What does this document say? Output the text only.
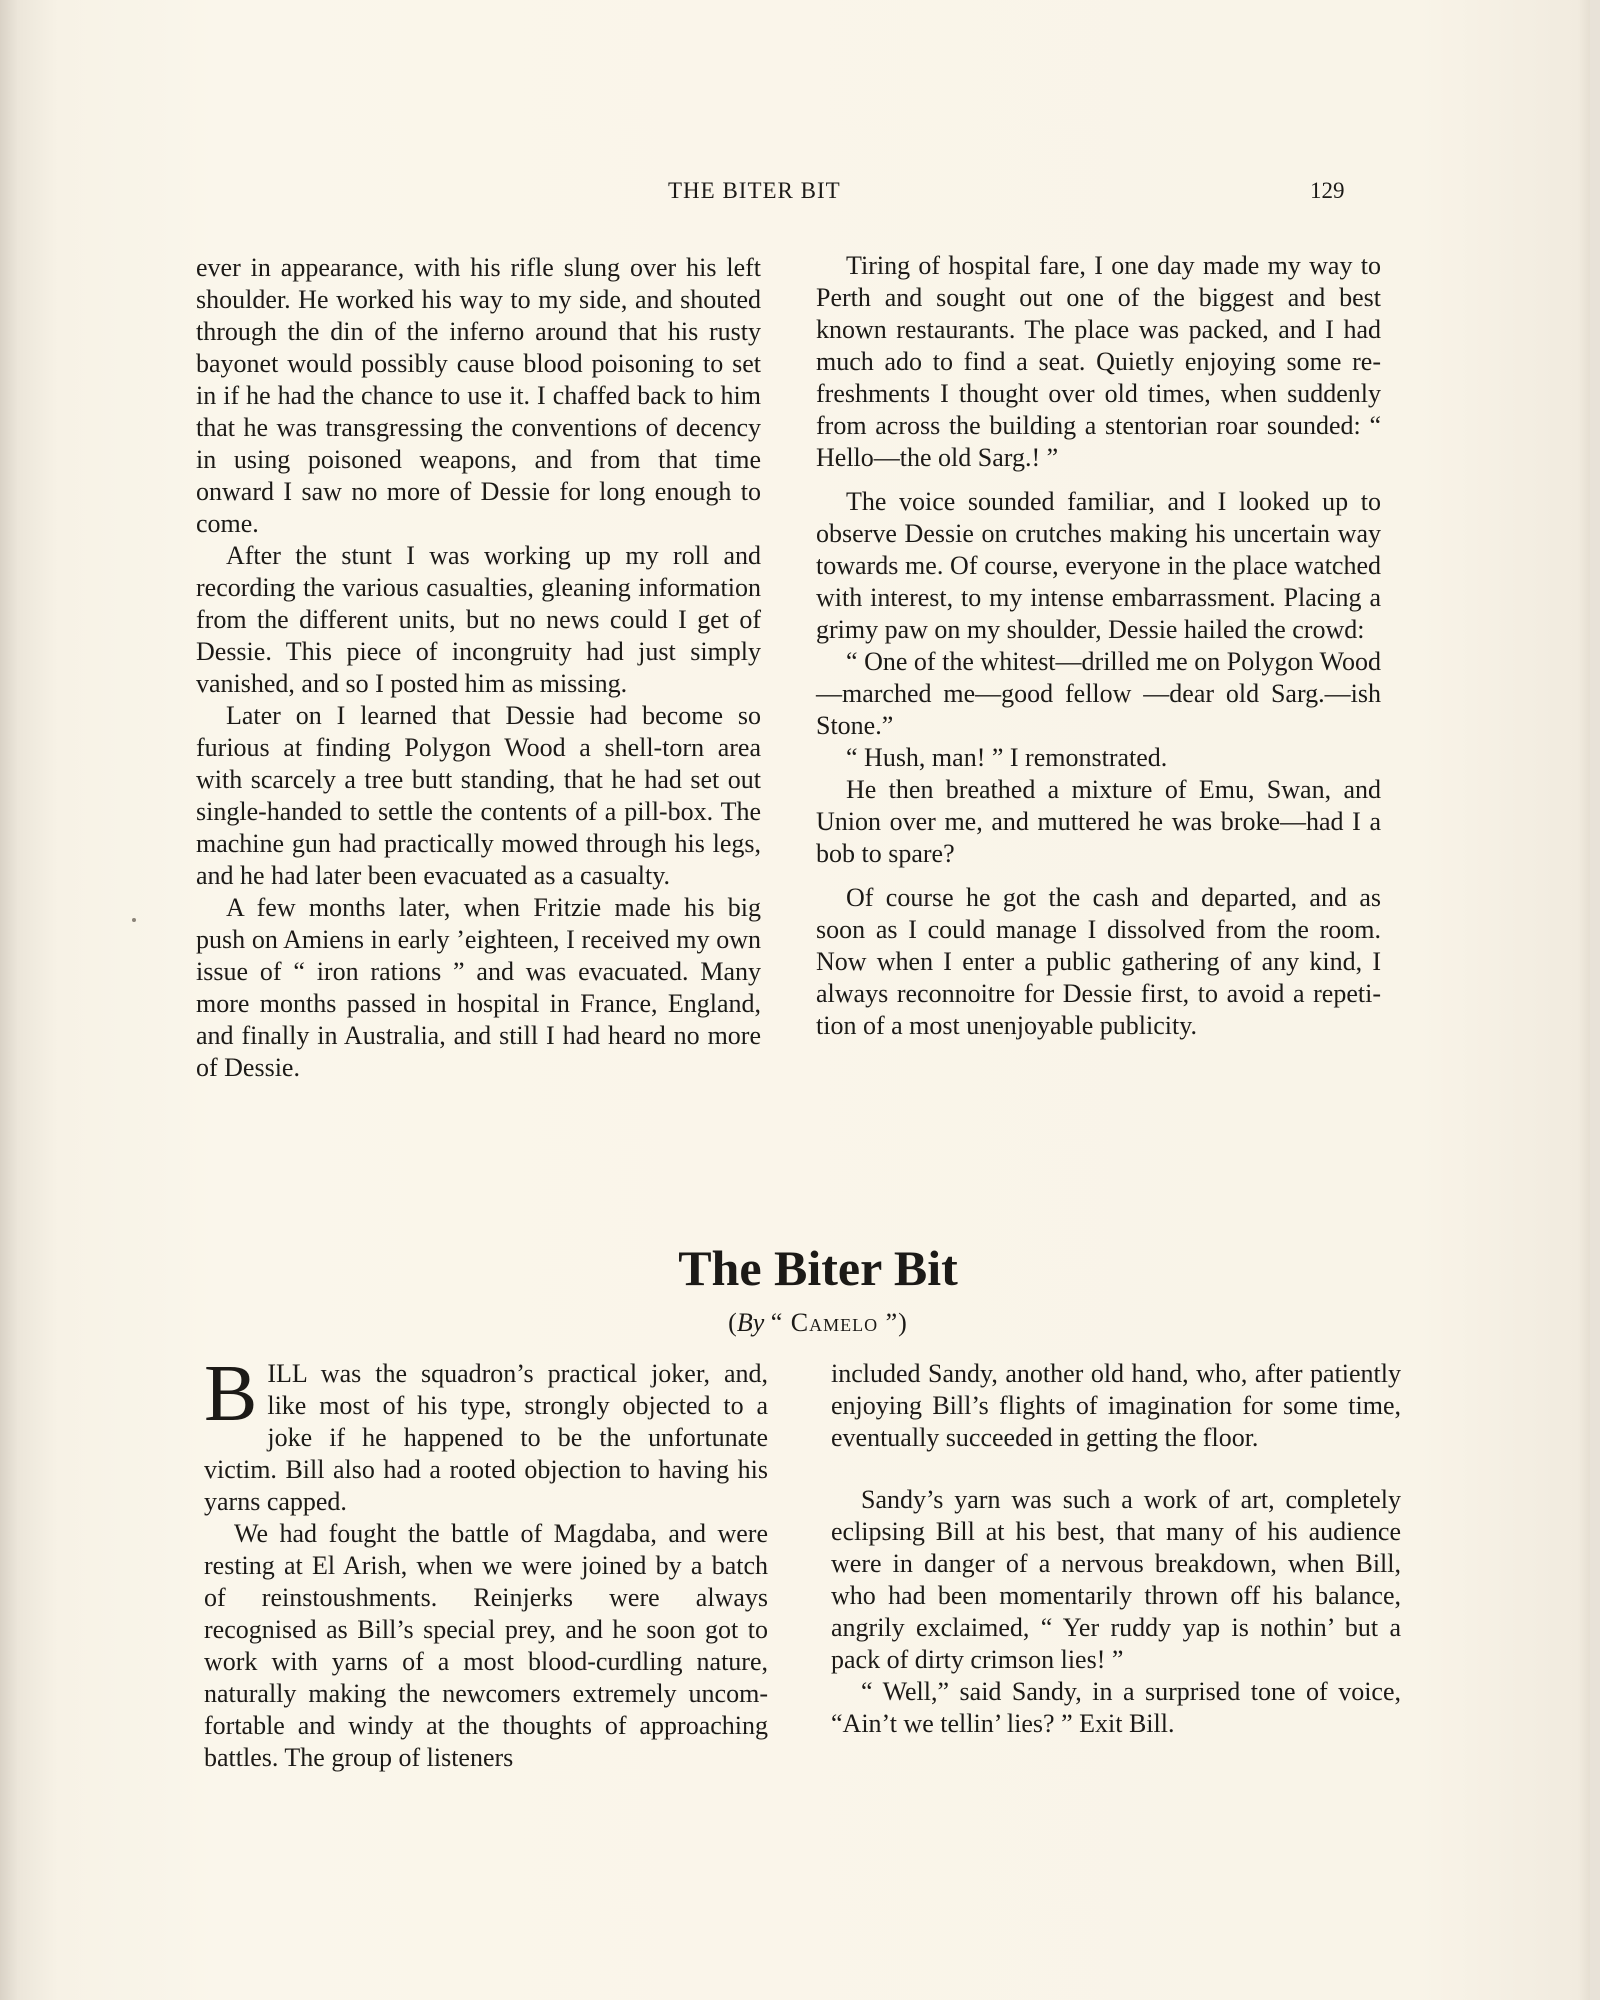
THE BITER BIT	129

ever in appearance, with his rifle slung over his left shoulder. He worked his way to my side, and shouted through the din of the inferno around that his rusty bayonet would possibly cause blood poisoning to set in if he had the chance to use it. I chaffed back to him that he was transgressing the conventions of decency in using poisoned weapons, and from that time onward I saw no more of Dessie for long enough to come.

After the stunt I was working up my roll and recording the various casualties, gleaning information from the different units, but no news could I get of Dessie. This piece of incongruity had just simply vanished, and so I posted him as missing.

Later on I learned that Dessie had become so furious at finding Polygon Wood a shell-torn area with scarcely a tree butt standing, that he had set out single-handed to settle the contents of a pill-box. The machine gun had practically mowed through his legs, and he had later been evacuated as a casualty.

A few months later, when Fritzie made his big push on Amiens in early ’eighteen, I received my own issue of “ iron rations ” and was evacuated. Many more months passed in hospital in France, England, and finally in Australia, and still I had heard no more of Dessie.

Tiring of hospital fare, I one day made my way to Perth and sought out one of the biggest and best known restaurants. The place was packed, and I had much ado to find a seat. Quietly enjoying some refreshments I thought over old times, when suddenly from across the building a stentorian roar sounded: “ Hello—the old Sarg.! ”

The voice sounded familiar, and I looked up to observe Dessie on crutches making his uncertain way towards me. Of course, everyone in the place watched with interest, to my intense embarrassment. Placing a grimy paw on my shoulder, Dessie hailed the crowd:

“ One of the whitest—drilled me on Polygon Wood—marched me—good fellow —dear old Sarg.—ish Stone.”

“ Hush, man! ” I remonstrated.

He then breathed a mixture of Emu, Swan, and Union over me, and muttered he was broke—had I a bob to spare?

Of course he got the cash and departed, and as soon as I could manage I dissolved from the room. Now when I enter a public gathering of any kind, I always reconnoitre for Dessie first, to avoid a repetition of a most unenjoyable publicity.

The Biter Bit
(By “ Camelo ”)

BILL was the squadron’s practical joker, and, like most of his type, strongly objected to a joke if he happened to be the unfortunate victim. Bill also had a rooted objection to having his yarns capped.

We had fought the battle of Magdaba, and were resting at El Arish, when we were joined by a batch of reinstoushments. Reinjerks were always recognised as Bill’s special prey, and he soon got to work with yarns of a most blood-curdling nature, naturally making the newcomers extremely uncomfortable and windy at the thoughts of approaching battles. The group of listeners

included Sandy, another old hand, who, after patiently enjoying Bill’s flights of imagination for some time, eventually succeeded in getting the floor.

Sandy’s yarn was such a work of art, completely eclipsing Bill at his best, that many of his audience were in danger of a nervous breakdown, when Bill, who had been momentarily thrown off his balance, angrily exclaimed, “ Yer ruddy yap is nothin’ but a pack of dirty crimson lies! ”

“ Well,” said Sandy, in a surprised tone of voice, “Ain’t we tellin’ lies? ” Exit Bill.
